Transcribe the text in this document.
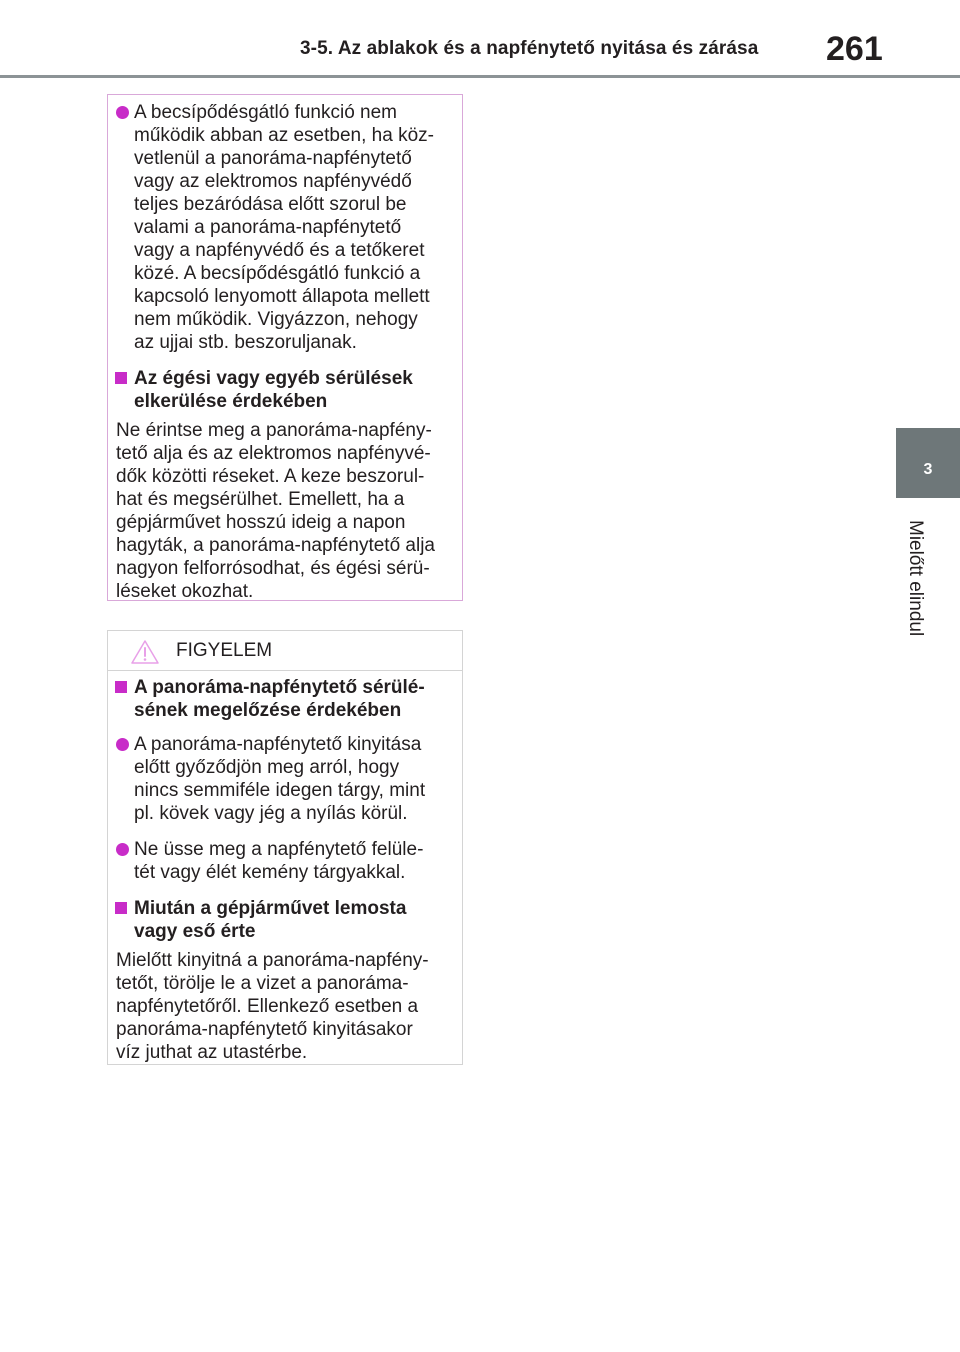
3-5. Az ablakok és a napfénytető nyitása és zárása 261
3
Mielőtt elindul
A becsípődésgátló funkció nem
működik abban az esetben, ha köz-
vetlenül a panoráma-napfénytető
vagy az elektromos napfényvédő
teljes bezáródása előtt szorul be
valami a panoráma-napfénytető
vagy a napfényvédő és a tetőkeret
közé. A becsípődésgátló funkció a
kapcsoló lenyomott állapota mellett
nem működik. Vigyázzon, nehogy
az ujjai stb. beszoruljanak.
Az égési vagy egyéb sérülések
elkerülése érdekében
Ne érintse meg a panoráma-napfény-
tető alja és az elektromos napfényvé-
dők közötti réseket. A keze beszorul-
hat és megsérülhet. Emellett, ha a
gépjárművet hosszú ideig a napon
hagyták, a panoráma-napfénytető alja
nagyon felforrósodhat, és égési sérü-
léseket okozhat.
FIGYELEM
A panoráma-napfénytető sérülé-
sének megelőzése érdekében
A panoráma-napfénytető kinyitása
előtt győződjön meg arról, hogy
nincs semmiféle idegen tárgy, mint
pl. kövek vagy jég a nyílás körül.
Ne üsse meg a napfénytető felüle-
tét vagy élét kemény tárgyakkal.
Miután a gépjárművet lemosta
vagy eső érte
Mielőtt kinyitná a panoráma-napfény-
tetőt, törölje le a vizet a panoráma-
napfénytetőről. Ellenkező esetben a
panoráma-napfénytető kinyitásakor
víz juthat az utastérbe.
